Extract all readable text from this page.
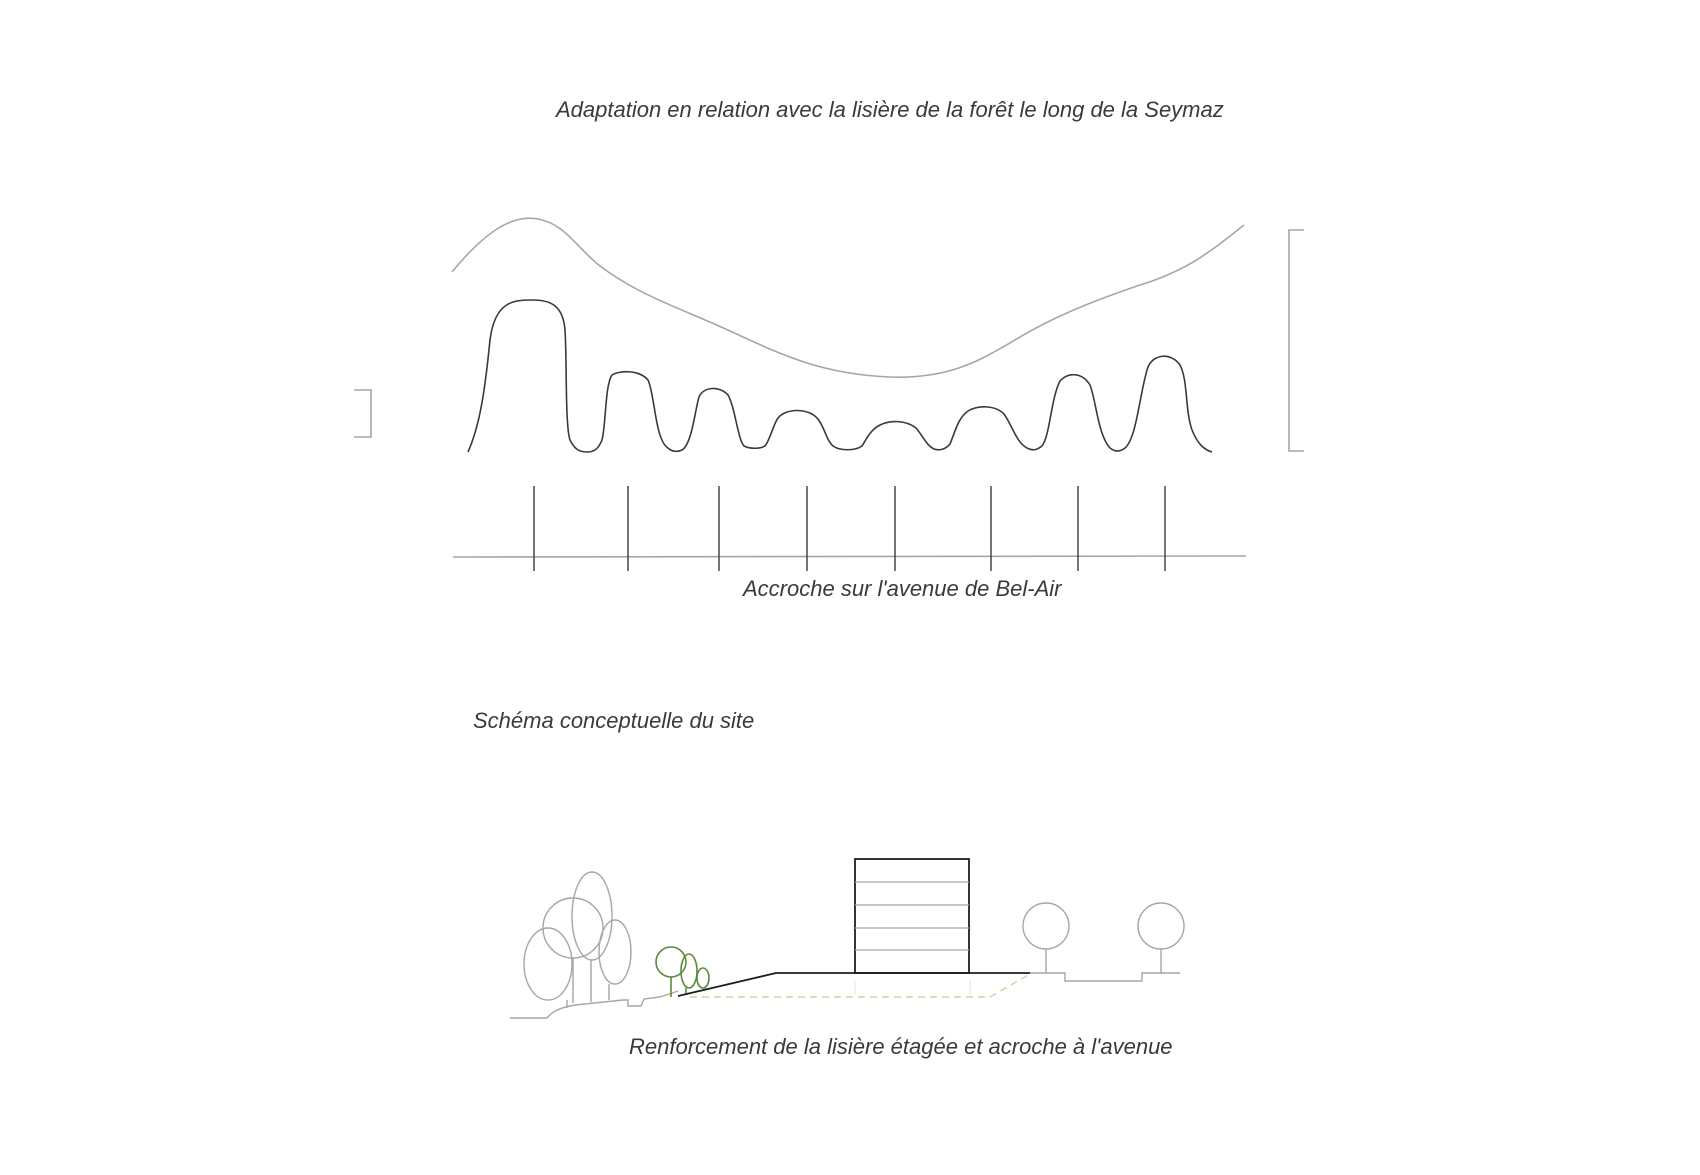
Adaptation en relation avec la lisière de la forêt le long de la Seymaz

Accroche sur l'avenue de Bel-Air

Schéma conceptuelle du site

Renforcement de la lisière étagée et acroche à l'avenue
